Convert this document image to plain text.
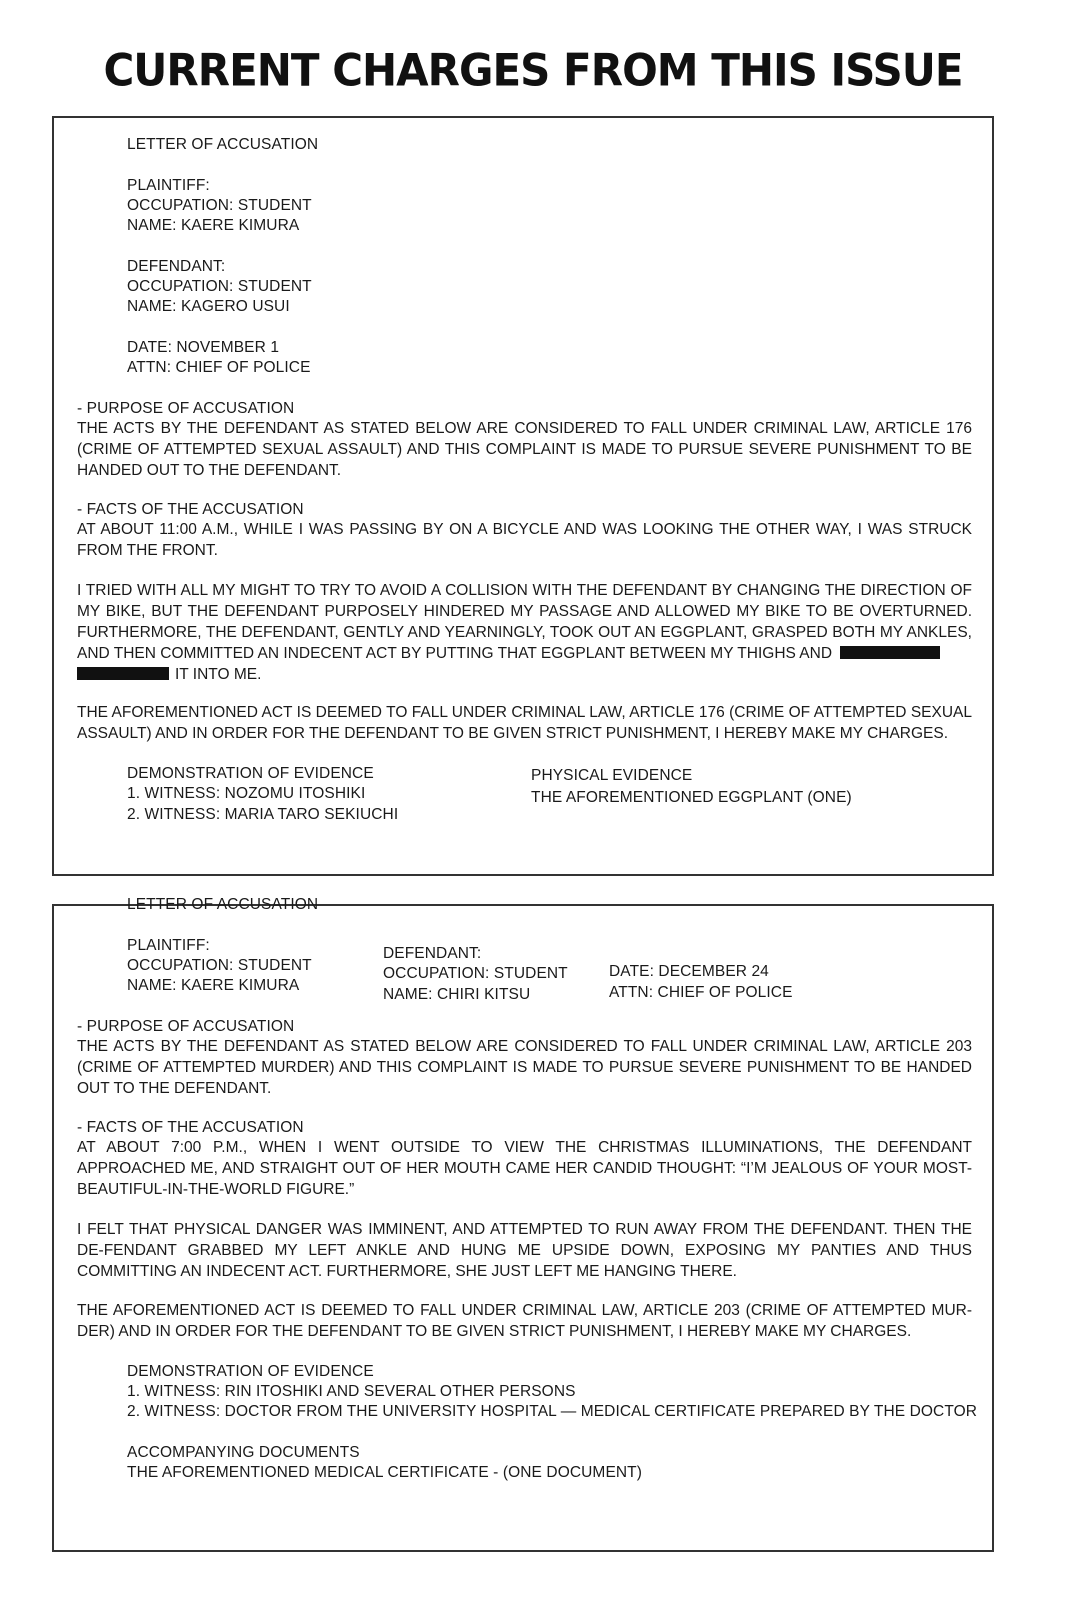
CURRENT CHARGES FROM THIS ISSUE

LETTER OF ACCUSATION

PLAINTIFF:

OCCUPATION: STUDENT

NAME: KAERE KIMURA

DEFENDANT:

OCCUPATION: STUDENT

NAME: KAGERO USUI

DATE: NOVEMBER 1

ATTN: CHIEF OF POLICE

- PURPOSE OF ACCUSATION

THE ACTS BY THE DEFENDANT AS STATED BELOW ARE CONSIDERED TO FALL UNDER CRIMINAL LAW, ARTICLE 176 (CRIME OF ATTEMPTED SEXUAL ASSAULT) AND THIS COMPLAINT IS MADE TO PURSUE SEVERE PUNISHMENT TO BE HANDED OUT TO THE DEFENDANT.

- FACTS OF THE ACCUSATION

AT ABOUT 11:00 A.M., WHILE I WAS PASSING BY ON A BICYCLE AND WAS LOOKING THE OTHER WAY, I WAS STRUCK FROM THE FRONT.

I TRIED WITH ALL MY MIGHT TO TRY TO AVOID A COLLISION WITH THE DEFENDANT BY CHANGING THE DIRECTION OF MY BIKE, BUT THE DEFENDANT PURPOSELY HINDERED MY PASSAGE AND ALLOWED MY BIKE TO BE OVERTURNED. FURTHERMORE, THE DEFENDANT, GENTLY AND YEARNINGLY, TOOK OUT AN EGGPLANT, GRASPED BOTH MY ANKLES, AND THEN COMMITTED AN INDECENT ACT BY PUTTING THAT EGGPLANT BETWEEN MY THIGHS AND
IT INTO ME.

THE AFOREMENTIONED ACT IS DEEMED TO FALL UNDER CRIMINAL LAW, ARTICLE 176 (CRIME OF ATTEMPTED SEXUAL ASSAULT) AND IN ORDER FOR THE DEFENDANT TO BE GIVEN STRICT PUNISHMENT, I HEREBY MAKE MY CHARGES.

DEMONSTRATION OF EVIDENCE

1. WITNESS: NOZOMU ITOSHIKI

2. WITNESS: MARIA TARO SEKIUCHI

PHYSICAL EVIDENCE

THE AFOREMENTIONED EGGPLANT (ONE)

LETTER OF ACCUSATION

PLAINTIFF:

OCCUPATION: STUDENT

NAME: KAERE KIMURA

DEFENDANT:

OCCUPATION: STUDENT

NAME: CHIRI KITSU

DATE: DECEMBER 24

ATTN: CHIEF OF POLICE

- PURPOSE OF ACCUSATION

THE ACTS BY THE DEFENDANT AS STATED BELOW ARE CONSIDERED TO FALL UNDER CRIMINAL LAW, ARTICLE 203 (CRIME OF ATTEMPTED MURDER) AND THIS COMPLAINT IS MADE TO PURSUE SEVERE PUNISHMENT TO BE HANDED OUT TO THE DEFENDANT.

- FACTS OF THE ACCUSATION

AT ABOUT 7:00 P.M., WHEN I WENT OUTSIDE TO VIEW THE CHRISTMAS ILLUMINATIONS, THE DEFENDANT APPROACHED ME, AND STRAIGHT OUT OF HER MOUTH CAME HER CANDID THOUGHT: “I’M JEALOUS OF YOUR MOST-BEAUTIFUL-IN-THE-WORLD FIGURE.”

I FELT THAT PHYSICAL DANGER WAS IMMINENT, AND ATTEMPTED TO RUN AWAY FROM THE DEFENDANT. THEN THE DE-FENDANT GRABBED MY LEFT ANKLE AND HUNG ME UPSIDE DOWN, EXPOSING MY PANTIES AND THUS COMMITTING AN INDECENT ACT. FURTHERMORE, SHE JUST LEFT ME HANGING THERE.

THE AFOREMENTIONED ACT IS DEEMED TO FALL UNDER CRIMINAL LAW, ARTICLE 203 (CRIME OF ATTEMPTED MUR-DER) AND IN ORDER FOR THE DEFENDANT TO BE GIVEN STRICT PUNISHMENT, I HEREBY MAKE MY CHARGES.

DEMONSTRATION OF EVIDENCE

1. WITNESS: RIN ITOSHIKI AND SEVERAL OTHER PERSONS

2. WITNESS: DOCTOR FROM THE UNIVERSITY HOSPITAL — MEDICAL CERTIFICATE PREPARED BY THE DOCTOR

ACCOMPANYING DOCUMENTS

THE AFOREMENTIONED MEDICAL CERTIFICATE - (ONE DOCUMENT)
